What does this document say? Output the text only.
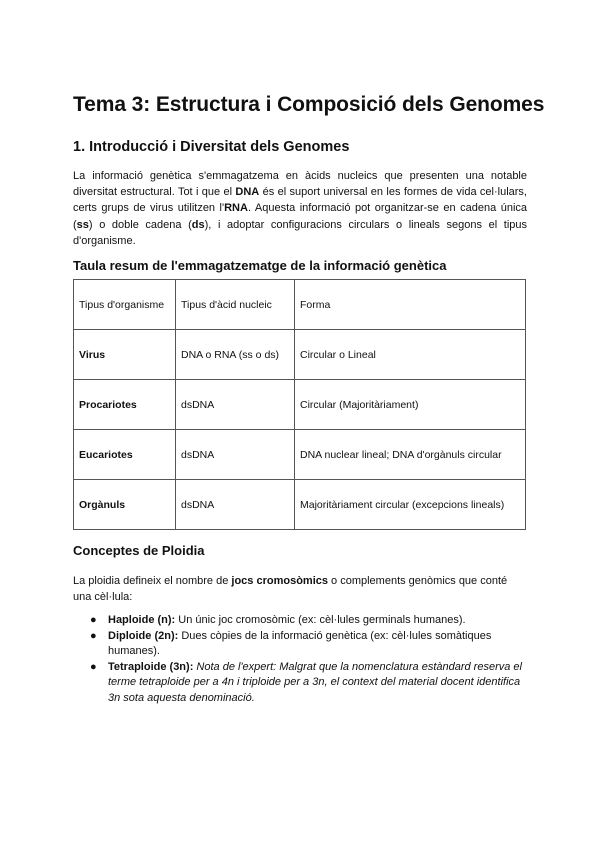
Tema 3: Estructura i Composició dels Genomes
1. Introducció i Diversitat dels Genomes

La informació genètica s'emmagatzema en àcids nucleics que presenten una notable diversitat estructural. Tot i que el DNA és el suport universal en les formes de vida cel·lulars, certs grups de virus utilitzen l'RNA. Aquesta informació pot organitzar-se en cadena única (ss) o doble cadena (ds), i adoptar configuracions circulars o lineals segons el tipus d'organisme.

Taula resum de l'emmagatzematge de la informació genètica
Tipus d'organisme	Tipus d'àcid nucleic	Forma
Virus	DNA o RNA (ss o ds)	Circular o Lineal
Procariotes	dsDNA	Circular (Majoritàriament)
Eucariotes	dsDNA	DNA nuclear lineal; DNA d'orgànuls circular
Orgànuls	dsDNA	Majoritàriament circular (excepcions lineals)
Conceptes de Ploidia

La ploidia defineix el nombre de jocs cromosòmics o complements genòmics que conté una cèl·lula:

● Haploide (n): Un únic joc cromosòmic (ex: cèl·lules germinals humanes).
● Diploide (2n): Dues còpies de la informació genètica (ex: cèl·lules somàtiques humanes).
● Tetraploide (3n): Nota de l'expert: Malgrat que la nomenclatura estàndard reserva el terme tetraploide per a 4n i triploide per a 3n, el context del material docent identifica 3n sota aquesta denominació.
